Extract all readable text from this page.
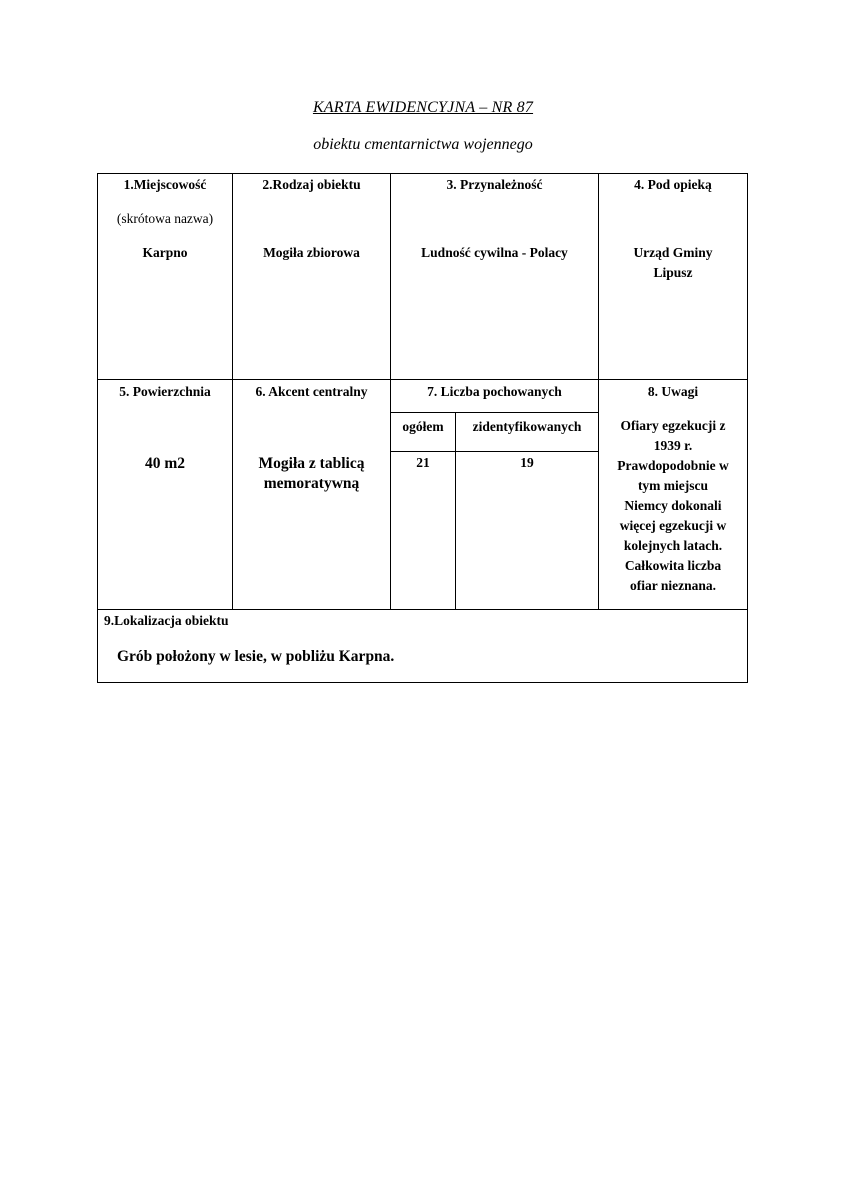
KARTA EWIDENCYJNA – NR 87
obiektu cmentarnictwa wojennego
1.Miejscowość
(skrótowa nazwa)
Karpno
2.Rodzaj obiektu
Mogiła zbiorowa
3. Przynależność
Ludność cywilna - Polacy
4. Pod opieką
Urząd Gminy
Lipusz
5. Powierzchnia
40 m2
6. Akcent centralny
Mogiła z tablicą
memoratywną
7. Liczba pochowanych
ogółem	zidentyfikowanych
21	19
8. Uwagi
Ofiary egzekucji z
1939 r.
Prawdopodobnie w
tym miejscu
Niemcy dokonali
więcej egzekucji w
kolejnych latach.
Całkowita liczba
ofiar nieznana.
9.Lokalizacja obiektu
Grób położony w lesie, w pobliżu Karpna.
